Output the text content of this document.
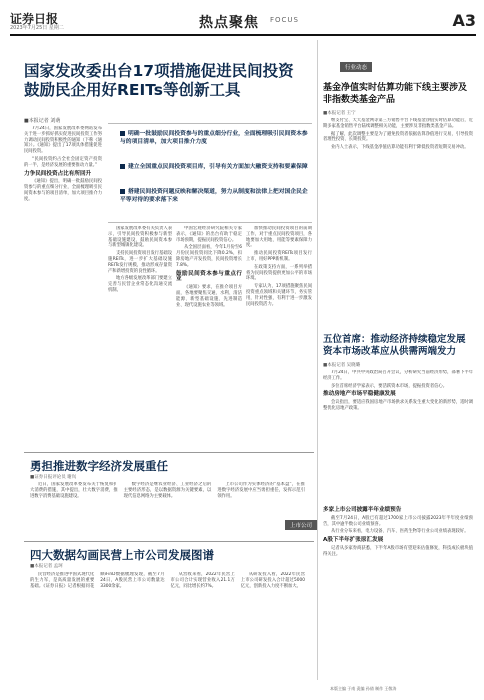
证券日报
2023年7月25日 星期二	热点聚焦 FOCUS	A3
国家发改委出台17项措施促进民间投资鼓励民企用好REITs等创新工具
■本报记者 刘萌

7月24日，国家发展改革委网站发布关于进一步抓好抓实促进民间投资工作努力调动民间投资积极性的通知（下称《通知》）。《通知》提出了17项具体措施促进民间投资。

“民间投资约占全社会固定资产投资的一半，是经济发展的重要推动力量。”

力争民间投资占比有所回升

《通知》提出，明确一批鼓励民间投资参与的重点细分行业，全面梳理吸引民间资本参与的项目清单，加大项目推介力度。

明确一批鼓励民间投资参与的重点细分行业，全面梳理吸引民间资本参与的项目清单，加大项目推介力度
建立全国重点民间投资项目库，引导有关方面加大融资支持和要素保障
搭建民间投资问题反映和解决渠道，努力从制度和法律上把对国企民企平等对待的要求落下来

国家发展改革委有关负责人表示，引导民间投资积极参与新型基础设施建设，鼓励民间资本参与新型城镇化建设。

支持民间投资项目发行基础设施REITs，进一步扩大基础设施REITs发行规模，推动形成存量资产和新增投资的良性循环。

地方各级发展改革部门要建立完善与民营企业常态化沟通交流机制。

中国宏观经济研究院相关专家表示，《通知》的出台有助于稳定市场预期，提振民间投资信心。

从全国层面看，今年1月份至6月份民间投资同比下降0.2%，扣除房地产开发投资，民间投资增长7.8%。

鼓励民间资本参与重点行业

《通知》要求，在推介项目方面，各地要聚焦交通、水利、清洁能源、新型基础设施、先进制造业、现代设施农业等领域。

加快推动民间投资项目的前期工作，对于重点民间投资项目，各地要加大用地、用能等要素保障力度。

推动民间投资REITs项目发行上市，用好PPP新机制。

在政策支持方面，一系列举措将为民间投资提供更加公平的市场环境。

专家认为，17项措施聚焦民间投资重点领域和关键环节，务实管用，针对性强，有利于进一步激发民间投资活力。

行业动态
基金净值实时估算功能下线主要涉及非指数类基金产品
■本报记者 王宁

继支付宝、天天基金网等第三方销售平台下线基金净值实时估算功能后，近期多家基金销售平台陆续调整相关功能，主要涉及非指数类基金产品。

据了解，此次调整主要是为了避免投资者依据估算净值进行交易，引导投资者理性投资、长期投资。

业内人士表示，下线基金净值估算功能有利于降低投资者短期交易冲动。

五位首席：推动经济持续稳定发展资本市场改革应从供需两端发力
■本报记者 吴晓璐

7月24日，中共中央政治局召开会议，分析研究当前经济形势，部署下半年经济工作。

多位首席经济学家表示，要活跃资本市场，提振投资者信心。

推动房地产市场平稳健康发展

会议指出，要适应我国房地产市场供求关系发生重大变化的新形势，适时调整优化房地产政策。

勇担推进数字经济发展重任
■证券日报评论员 谢岚

近日，国家发展改革委发布关于恢复和扩大消费的措施，其中提出，壮大数字消费，推进数字消费基础设施建设。

数字经济是继农业经济、工业经济之后的主要经济形态，是以数据资源为关键要素，以现代信息网络为主要载体。

上市公司作为实体经济的“基本盘”，在推进数字经济发展中应当勇担重任，发挥示范引领作用。

四大数据勾画民营上市公司发展图谱
■本报记者 孟珂

民营经济是推进中国式现代化的生力军，是高质量发展的重要基础。《证券日报》记者根据同花顺iFinD数据梳理发现，截至7月24日，A股民营上市公司数量达3300余家。

从营收来看，2022年民营上市公司合计实现营业收入21.1万亿元，同比增长约7%。

从研发投入看，2022年民营上市公司研发投入合计超过5000亿元，创新投入力度不断加大。

上市公司

多家上市公司披露半年业绩预告

截至7月24日，A股已有超过1700家上市公司披露2023年半年度业绩预告，其中逾半数公司业绩预喜。

从行业分布来看，电力设备、汽车、医药生物等行业公司业绩表现较好。

A股下半年扩张原汇发展

记者从多家券商获悉，下半年A股市场有望迎来估值修复，科技成长板块值得关注。

本版主编 于南 责编 孙倩 制作 王敬涛
